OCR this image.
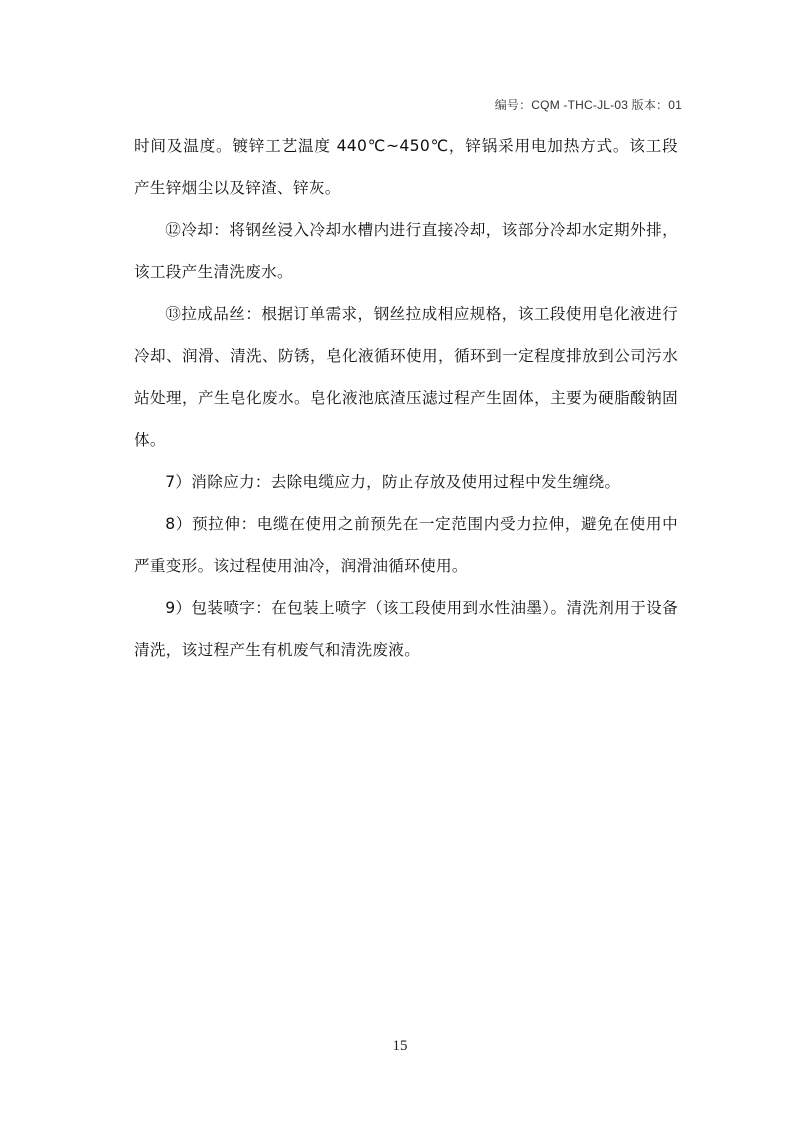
编号：CQM -THC-JL-03 版本：01

时间及温度。镀锌工艺温度 440℃~450℃，锌锅采用电加热方式。该工段产生锌烟尘以及锌渣、锌灰。

⑫冷却：将钢丝浸入冷却水槽内进行直接冷却，该部分冷却水定期外排，该工段产生清洗废水。

⑬拉成品丝：根据订单需求，钢丝拉成相应规格，该工段使用皂化液进行冷却、润滑、清洗、防锈，皂化液循环使用，循环到一定程度排放到公司污水站处理，产生皂化废水。皂化液池底渣压滤过程产生固体，主要为硬脂酸钠固体。

7）消除应力：去除电缆应力，防止存放及使用过程中发生缠绕。

8）预拉伸：电缆在使用之前预先在一定范围内受力拉伸，避免在使用中严重变形。该过程使用油冷，润滑油循环使用。

9）包装喷字：在包装上喷字（该工段使用到水性油墨）。清洗剂用于设备清洗，该过程产生有机废气和清洗废液。

15
